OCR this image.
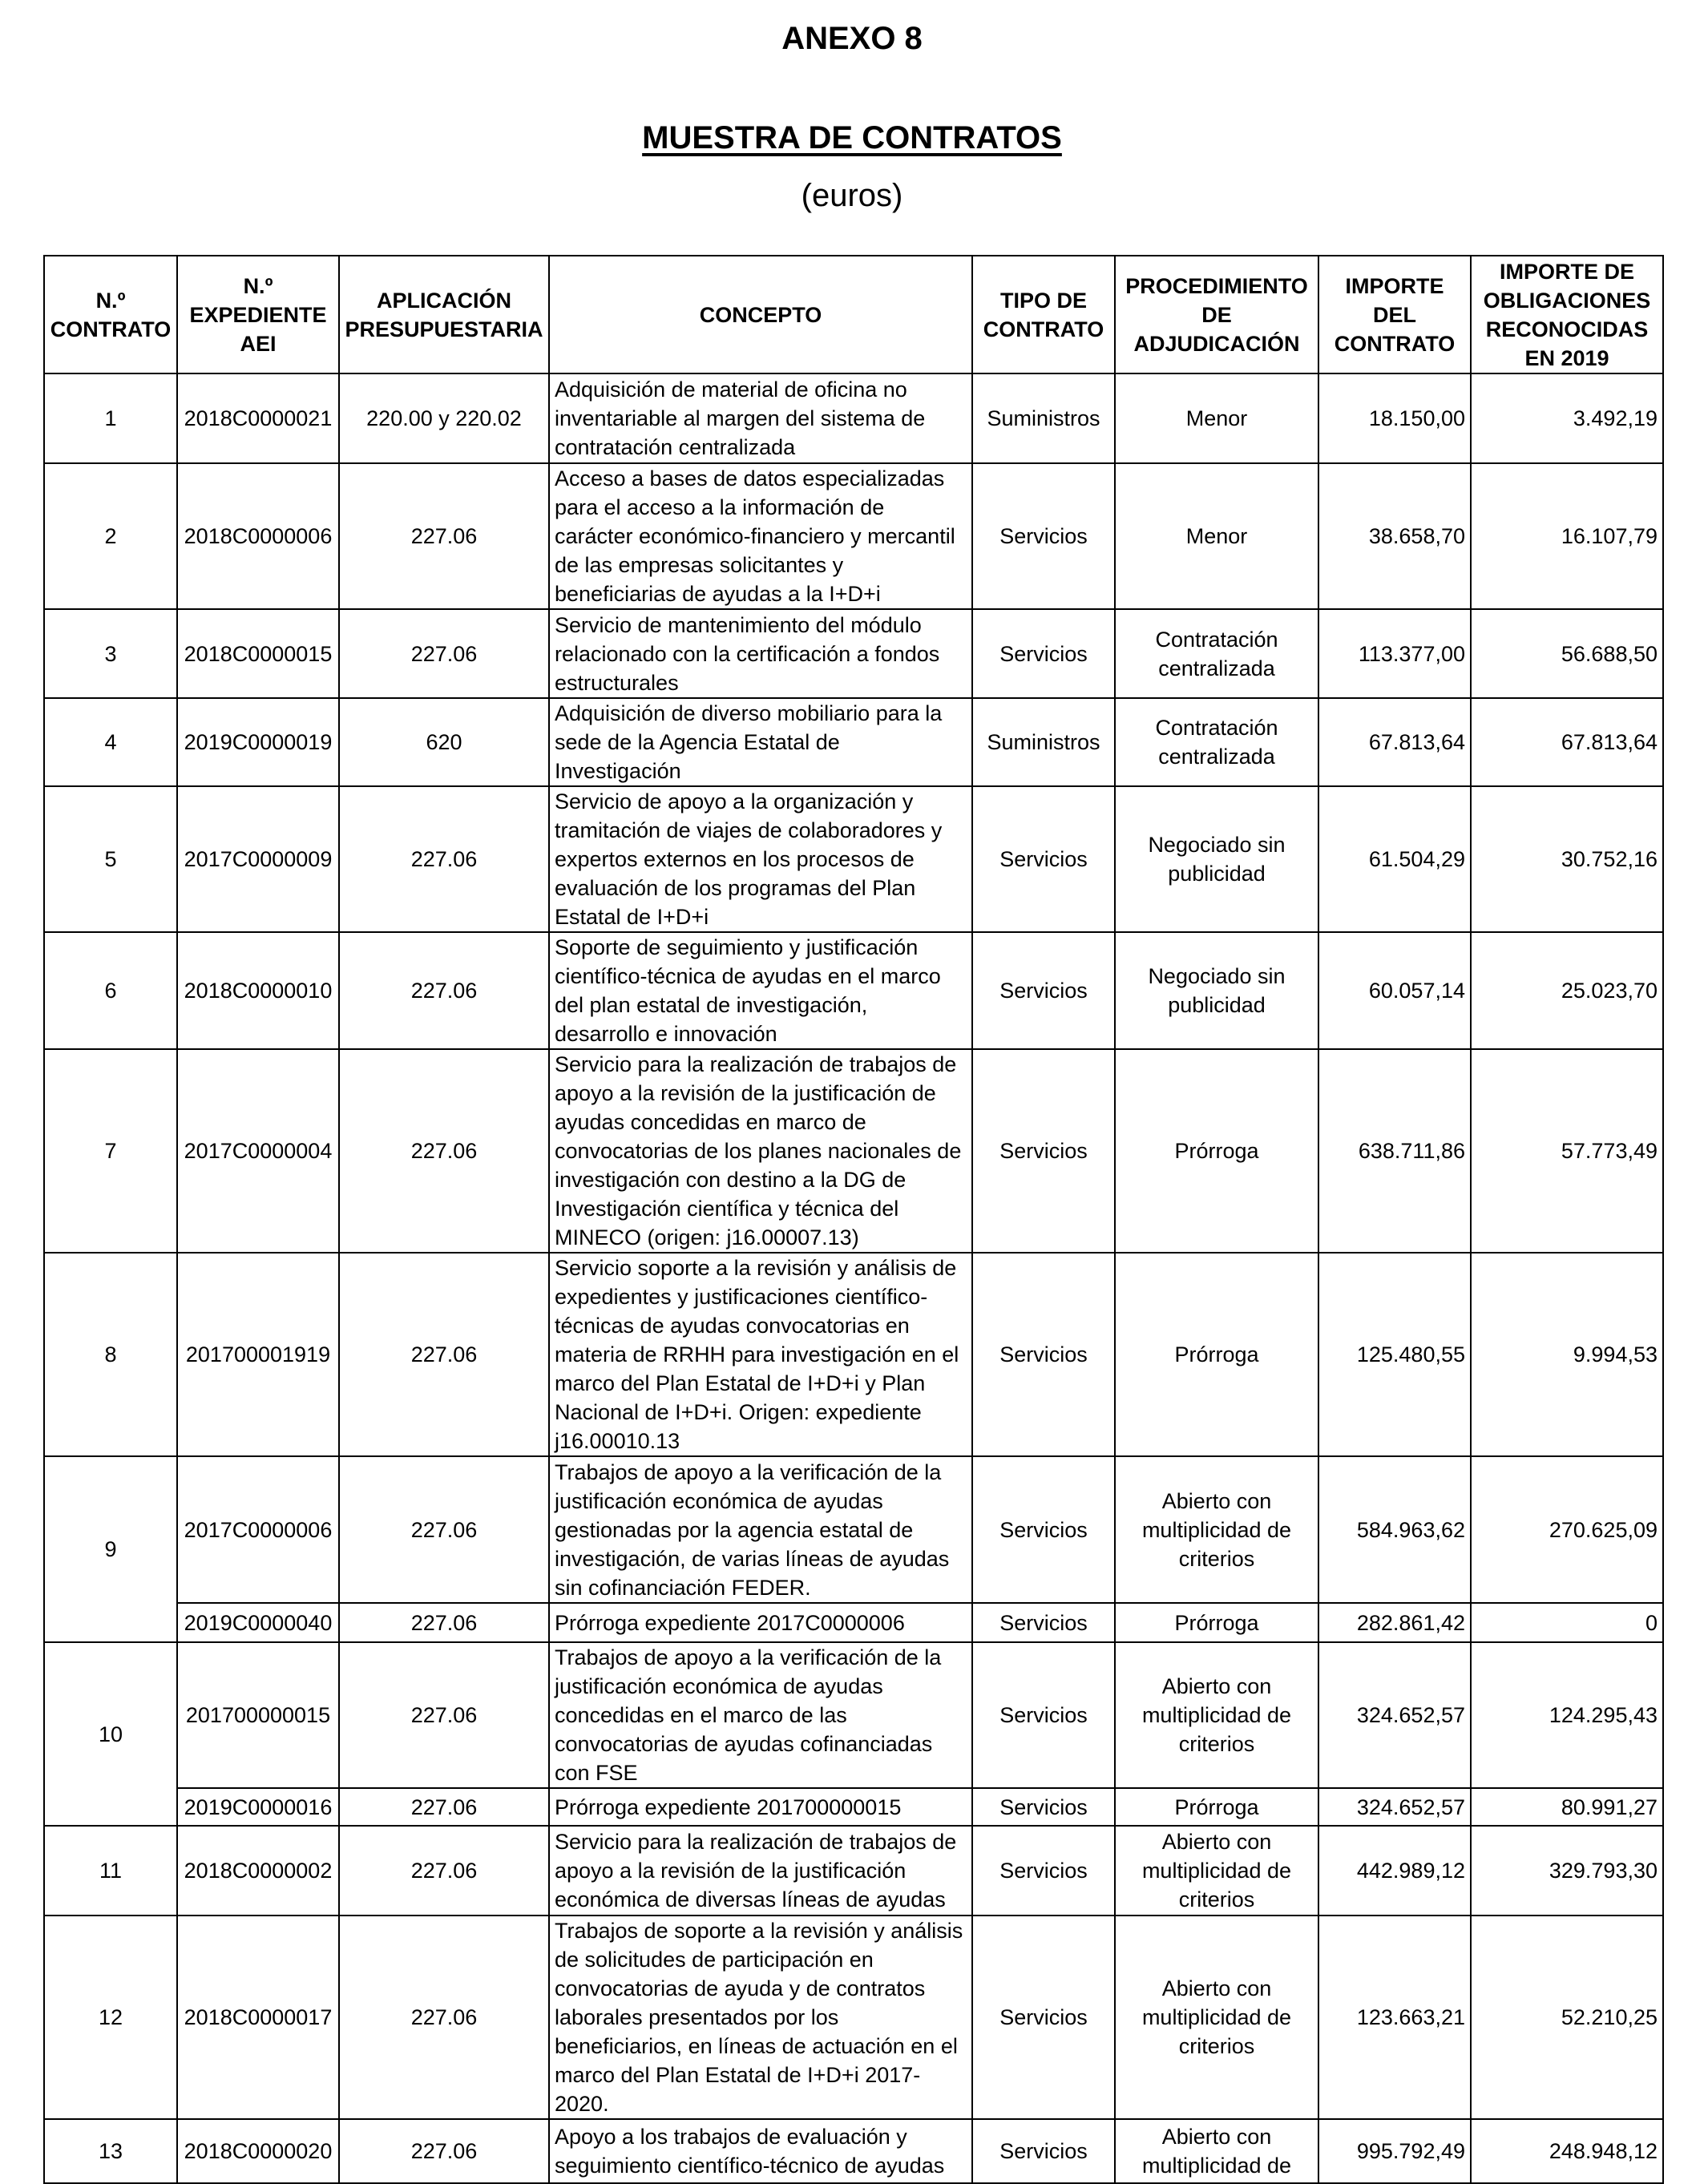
ANEXO 8
MUESTRA DE CONTRATOS
(euros)
N.º CONTRATO	N.º EXPEDIENTE AEI	APLICACIÓN PRESUPUESTARIA	CONCEPTO	TIPO DE CONTRATO	PROCEDIMIENTO DE ADJUDICACIÓN	IMPORTE DEL CONTRATO	IMPORTE DE OBLIGACIONES RECONOCIDAS EN 2019
1	2018C0000021	220.00 y 220.02	Adquisición de material de oficina no inventariable al margen del sistema de contratación centralizada	Suministros	Menor	18.150,00	3.492,19
2	2018C0000006	227.06	Acceso a bases de datos especializadas para el acceso a la información de carácter económico-financiero y mercantil de las empresas solicitantes y beneficiarias de ayudas a la I+D+i	Servicios	Menor	38.658,70	16.107,79
3	2018C0000015	227.06	Servicio de mantenimiento del módulo relacionado con la certificación a fondos estructurales	Servicios	Contratación centralizada	113.377,00	56.688,50
4	2019C0000019	620	Adquisición de diverso mobiliario para la sede de la Agencia Estatal de Investigación	Suministros	Contratación centralizada	67.813,64	67.813,64
5	2017C0000009	227.06	Servicio de apoyo a la organización y tramitación de viajes de colaboradores y expertos externos en los procesos de evaluación de los programas del Plan Estatal de I+D+i	Servicios	Negociado sin publicidad	61.504,29	30.752,16
6	2018C0000010	227.06	Soporte de seguimiento y justificación científico-técnica de ayudas en el marco del plan estatal de investigación, desarrollo e innovación	Servicios	Negociado sin publicidad	60.057,14	25.023,70
7	2017C0000004	227.06	Servicio para la realización de trabajos de apoyo a la revisión de la justificación de ayudas concedidas en marco de convocatorias de los planes nacionales de investigación con destino a la DG de Investigación científica y técnica del MINECO (origen: j16.00007.13)	Servicios	Prórroga	638.711,86	57.773,49
8	201700001919	227.06	Servicio soporte a la revisión y análisis de expedientes y justificaciones científico-técnicas de ayudas convocatorias en materia de RRHH para investigación en el marco del Plan Estatal de I+D+i y Plan Nacional de I+D+i. Origen: expediente j16.00010.13	Servicios	Prórroga	125.480,55	9.994,53
9	2017C0000006	227.06	Trabajos de apoyo a la verificación de la justificación económica de ayudas gestionadas por la agencia estatal de investigación, de varias líneas de ayudas sin cofinanciación FEDER.	Servicios	Abierto con multiplicidad de criterios	584.963,62	270.625,09
	2019C0000040	227.06	Prórroga expediente 2017C0000006	Servicios	Prórroga	282.861,42	0
10	201700000015	227.06	Trabajos de apoyo a la verificación de la justificación económica de ayudas concedidas en el marco de las convocatorias de ayudas cofinanciadas con FSE	Servicios	Abierto con multiplicidad de criterios	324.652,57	124.295,43
	2019C0000016	227.06	Prórroga expediente 201700000015	Servicios	Prórroga	324.652,57	80.991,27
11	2018C0000002	227.06	Servicio para la realización de trabajos de apoyo a la revisión de la justificación económica de diversas líneas de ayudas	Servicios	Abierto con multiplicidad de criterios	442.989,12	329.793,30
12	2018C0000017	227.06	Trabajos de soporte a la revisión y análisis de solicitudes de participación en convocatorias de ayuda y de contratos laborales presentados por los beneficiarios, en líneas de actuación en el marco del Plan Estatal de I+D+i 2017-2020.	Servicios	Abierto con multiplicidad de criterios	123.663,21	52.210,25
13	2018C0000020	227.06	Apoyo a los trabajos de evaluación y seguimiento científico-técnico de ayudas	Servicios	Abierto con multiplicidad de	995.792,49	248.948,12
